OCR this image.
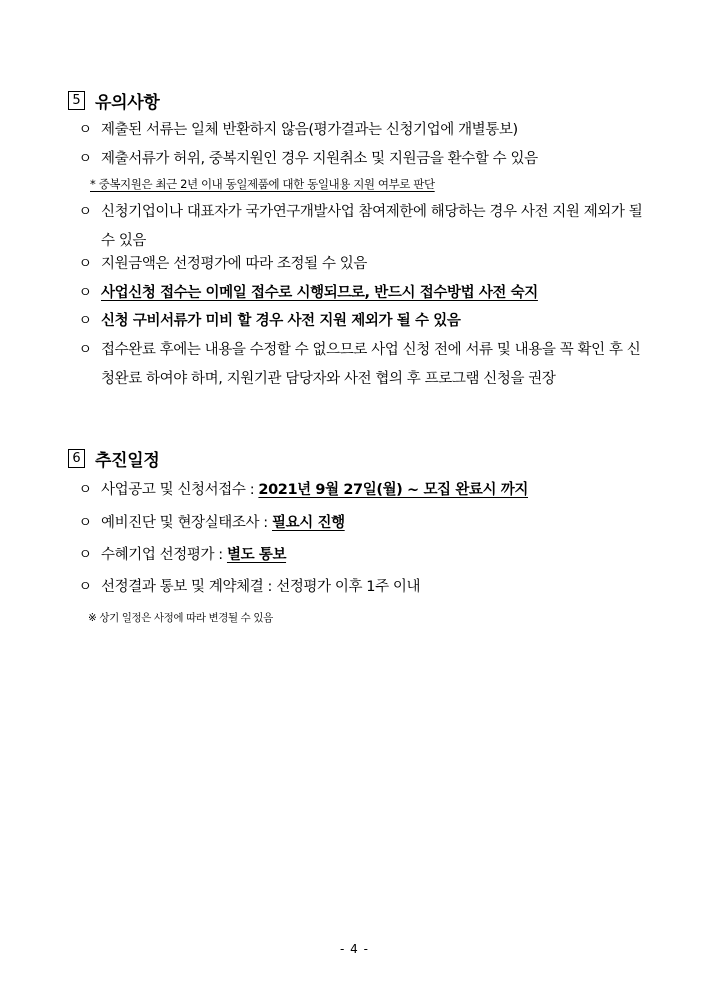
5 유의사항
ㅇ 제출된 서류는 일체 반환하지 않음(평가결과는 신청기업에 개별통보)
ㅇ 제출서류가 허위, 중복지원인 경우 지원취소 및 지원금을 환수할 수 있음
* 중복지원은 최근 2년 이내 동일제품에 대한 동일내용 지원 여부로 판단
ㅇ 신청기업이나 대표자가 국가연구개발사업 참여제한에 해당하는 경우 사전 지원 제외가 될 수 있음
ㅇ 지원금액은 선정평가에 따라 조정될 수 있음
ㅇ 사업신청 접수는 이메일 접수로 시행되므로, 반드시 접수방법 사전 숙지
ㅇ 신청 구비서류가 미비 할 경우 사전 지원 제외가 될 수 있음
ㅇ 접수완료 후에는 내용을 수정할 수 없으므로 사업 신청 전에 서류 및 내용을 꼭 확인 후 신청완료 하여야 하며, 지원기관 담당자와 사전 협의 후 프로그램 신청을 권장
6 추진일정
ㅇ 사업공고 및 신청서접수 : 2021년 9월 27일(월) ~ 모집 완료시 까지
ㅇ 예비진단 및 현장실태조사 : 필요시 진행
ㅇ 수혜기업 선정평가 : 별도 통보
ㅇ 선정결과 통보 및 계약체결 : 선정평가 이후 1주 이내
※ 상기 일정은 사정에 따라 변경될 수 있음
- 4 -
